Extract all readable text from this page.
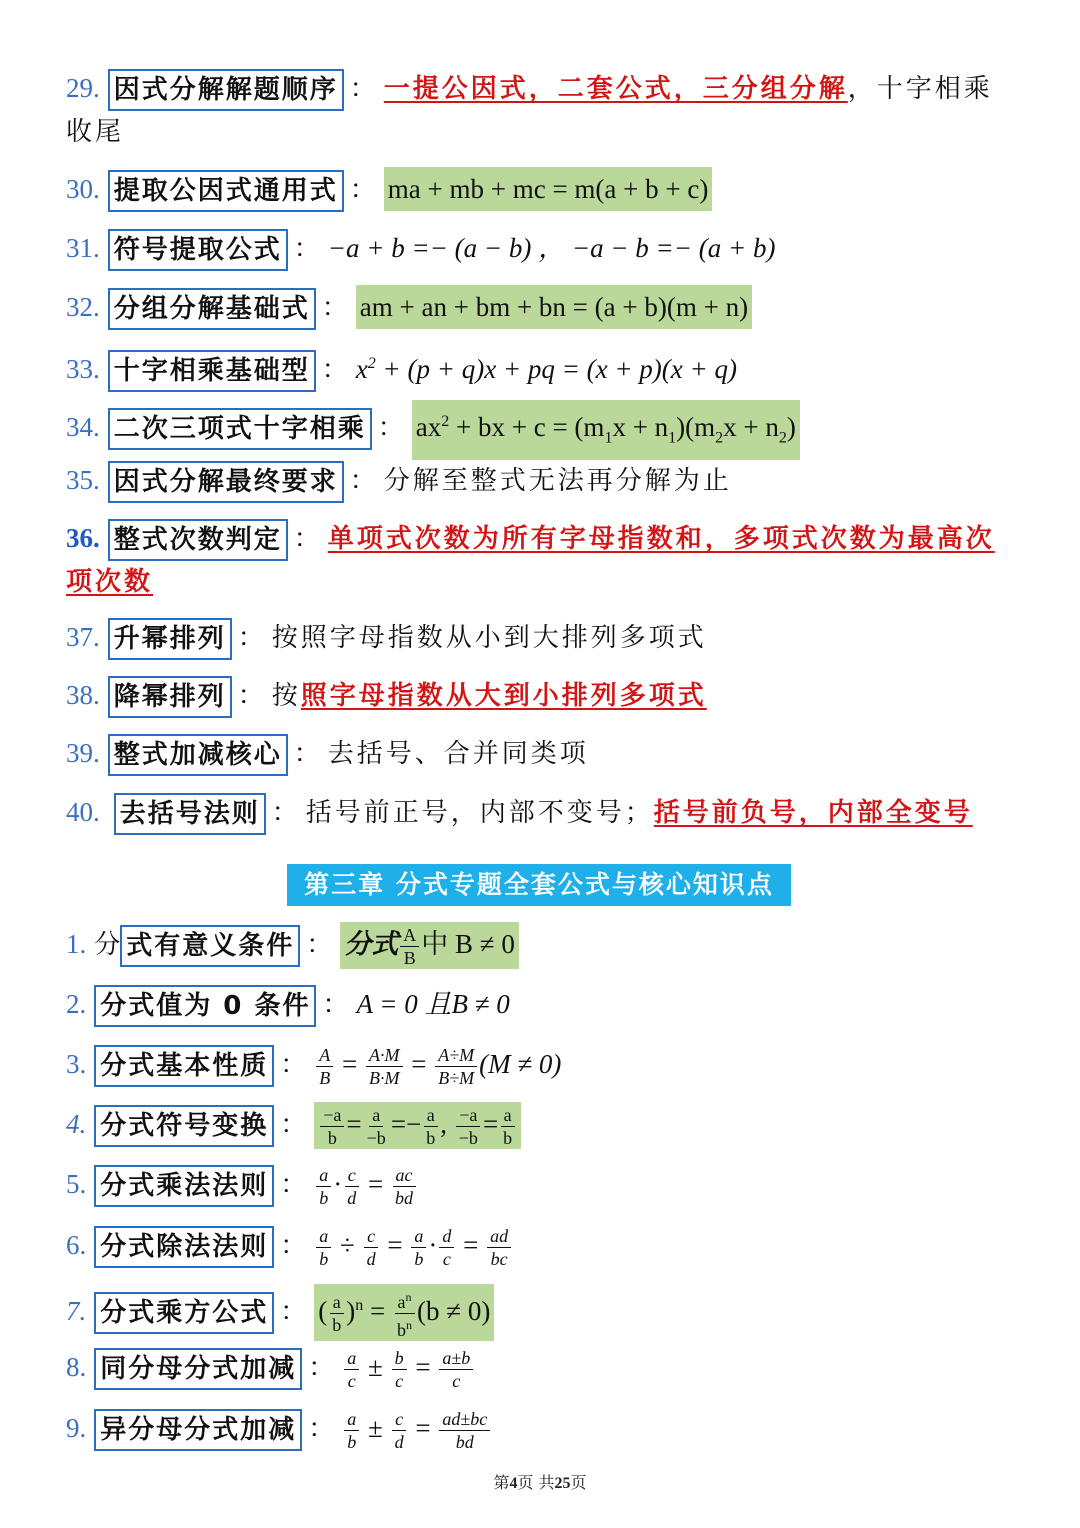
29. 因式分解解题顺序 ： 一提公因式，二套公式，三分组分解，十字相乘
收尾
30. 提取公因式通用式 ： ma + mb + mc = m(a + b + c)
31. 符号提取公式 ： −a + b =− (a − b) ， −a − b =− (a + b)
32. 分组分解基础式 ： am + an + bm + bn = (a + b)(m + n)
33. 十字相乘基础型 ： $x^2 + (p + q)x$ + pq = (x + p)(x + q)
34. 二次三项式十字相乘 ： $ax^2$ + bx + $c = (m_1x + n_1)(m_2x + n_2)$
35. 因式分解最终要求 ： 分解至整式无法再分解为止
36. 整式次数判定 ： 单项式次数为所有字母指数和，多项式次数为最高次
项次数
37. 升幂排列 ： 按照字母指数从小到大排列多项式
38. 降幂排列 ： 按照字母指数从大到小排列多项式
39. 整式加减核心 ： 去括号、合并同类项
40. 去括号法则 ： 括号前正号，内部不变号；括号前负号，内部全变号
第三章 分式专题全套公式与核心知识点
1. 分 式有意义条件 ： 分式 $\frac{A}{B}$ 中 B ≠ 0
2. 分式值为 0 条件 ： A = 0 且B ≠ 0
3. 分式基本性质 ： $\frac{A}{B} = \frac{A\cdot M}{B\cdot M} = \frac{A\div M}{B\div M} (M \ne 0)$
4. 分式符号变换 ： $\frac{-a}{b} = \frac{a}{-b} =- \frac{a}{b}$ , $\frac{-a}{-b} = \frac{a}{b}$
5. 分式乘法法则 ： $\frac{a}{b} \cdot \frac{c}{d} = \frac{ac}{bd}$
6. 分式除法法则 ： $\frac{a}{b} \div \frac{c}{d} = \frac{a}{b} \cdot \frac{d}{c} = \frac{ad}{bc}$
7. 分式乘方公式 ： ( $\frac{a}{b} )^n = \frac{a^n}{b^n} (b \ne 0)$
8. 同分母分式加减 ： $\frac{a}{c} \pm \frac{b}{c} = \frac{a\pm b}{c}$
9. 异分母分式加减 ： $\frac{a}{b} \pm \frac{c}{d} = \frac{ad\pm bc}{bd}$
第4页 共25页
